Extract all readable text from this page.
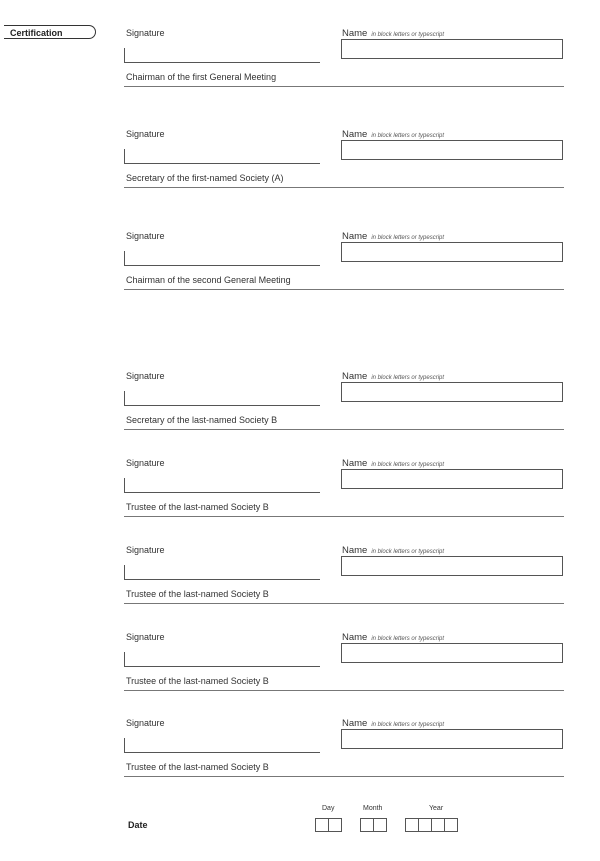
Certification	Signature
Chairman of the first General Meeting
Name in block letters or typescript
Signature
Secretary of the first-named Society (A)
Name in block letters or typescript
Signature
Chairman of the second General Meeting
Name in block letters or typescript
Signature
Secretary of the last-named Society B
Name in block letters or typescript
Signature
Trustee of the last-named Society B
Name in block letters or typescript
Signature
Trustee of the last-named Society B
Name in block letters or typescript
Signature
Trustee of the last-named Society B
Name in block letters or typescript
Signature
Trustee of the last-named Society B
Name in block letters or typescript
Date
Day	Month	Year
